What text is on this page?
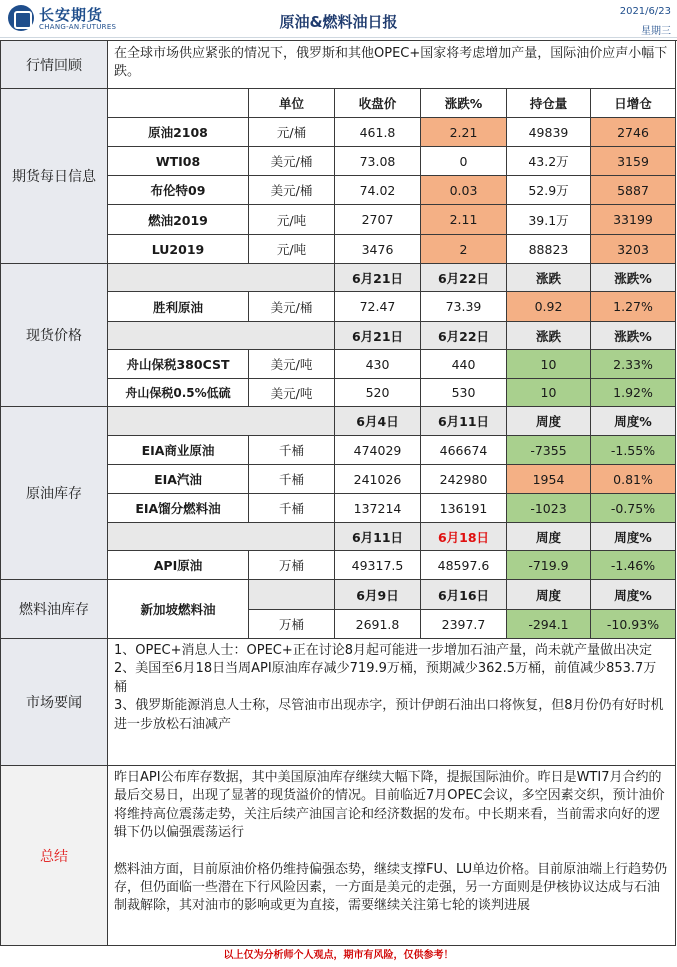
长安期货
CHANG-AN.FUTURES	原油&燃料油日报
2021/6/23
星期三
行情回顾
在全球市场供应紧张的情况下，俄罗斯和其他OPEC+国家将考虑增加产量，国际油价应声小幅下跌。
期货每日信息
单位	收盘价	涨跌%	持仓量	日增仓
原油2108	元/桶	461.8	2.21	49839	2746
WTI08	美元/桶	73.08	0	43.2万	3159
布伦特09	美元/桶	74.02	0.03	52.9万	5887
燃油2019	元/吨	2707	2.11	39.1万	33199
LU2019	元/吨	3476	2	88823	3203
现货价格
6月21日	6月22日	涨跌	涨跌%
胜利原油	美元/桶	72.47	73.39	0.92	1.27%
6月21日	6月22日	涨跌	涨跌%
舟山保税380CST	美元/吨	430	440	10	2.33%
舟山保税0.5%低硫	美元/吨	520	530	10	1.92%
原油库存
6月4日	6月11日	周度	周度%
EIA商业原油	千桶	474029	466674	-7355	-1.55%
EIA汽油	千桶	241026	242980	1954	0.81%
EIA馏分燃料油	千桶	137214	136191	-1023	-0.75%
6月11日	6月18日	周度	周度%
API原油	万桶	49317.5	48597.6	-719.9	-1.46%
燃料油库存	新加坡燃料油
6月9日	6月16日	周度	周度%
万桶	2691.8	2397.7	-294.1	-10.93%
市场要闻
1、OPEC+消息人士：OPEC+正在讨论8月起可能进一步增加石油产量，尚未就产量做出决定
2、美国至6月18日当周API原油库存减少719.9万桶，预期减少362.5万桶，前值减少853.7万桶
3、俄罗斯能源消息人士称，尽管油市出现赤字，预计伊朗石油出口将恢复，但8月份仍有好时机进一步放松石油减产
总结
昨日API公布库存数据，其中美国原油库存继续大幅下降，提振国际油价。昨日是WTI7月合约的最后交易日，出现了显著的现货溢价的情况。目前临近7月OPEC会议，多空因素交织，预计油价将维持高位震荡走势，关注后续产油国言论和经济数据的发布。中长期来看，当前需求向好的逻辑下仍以偏强震荡运行
燃料油方面，目前原油价格仍维持偏强态势，继续支撑FU、LU单边价格。目前原油端上行趋势仍存，但仍面临一些潜在下行风险因素，一方面是美元的走强，另一方面则是伊核协议达成与石油制裁解除，其对油市的影响或更为直接，需要继续关注第七轮的谈判进展
以上仅为分析师个人观点，期市有风险，仅供参考！
